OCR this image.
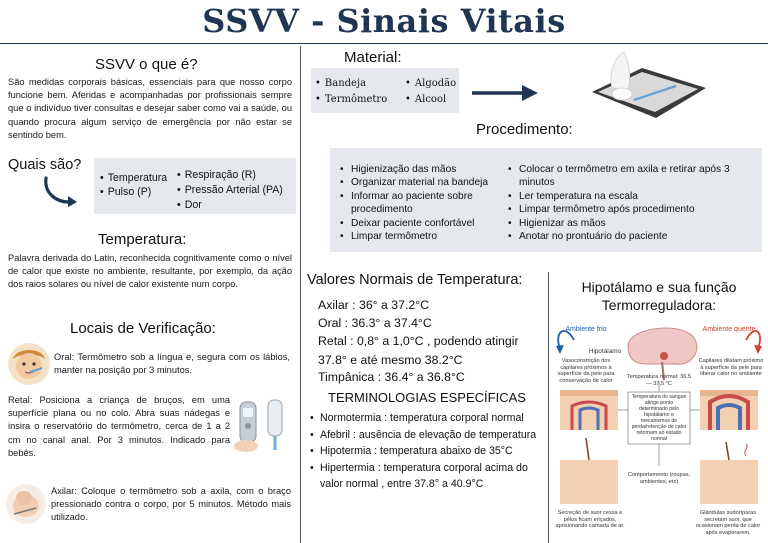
SSVV - Sinais Vitais
SSVV o que é?
São medidas corporais básicas, essenciais para que nosso corpo funcione bem. Aferidas e acompanhadas por profissionais sempre que o indivíduo tiver consultas e desejar saber como vai a saúde, ou quando procura algum serviço de emergência por não estar se sentindo bem.
Quais são?
• Temperatura
• Pulso (P)
• Respiração (R)
• Pressão Arterial (PA)
• Dor
Temperatura:
Palavra derivada do Latin, reconhecida cognitivamente como o nível de calor que existe no ambiente, resultante, por exemplo, da ação dos raios solares ou nível de calor existente num corpo.
Locais de Verificação:
Oral: Termômetro sob a língua e, segura com os lábios, manter na posição por 3 minutos.
Retal: Posiciona a criança de bruços, em uma superfície plana ou no colo. Abra suas nádegas e insira o reservatório do termômetro, cerca de 1 a 2 cm no canal anal. Por 3 minutos. Indicado para bebês.
Axilar: Coloque o termômetro sob a axila, com o braço pressionado contra o corpo, por 5 minutos. Método mais utilizado.
Material:
• Bandeja
• Termômetro
• Algodão
• Alcool
Procedimento:
• Higienização das mãos
• Organizar material na bandeja
• Informar ao paciente sobre procedimento
• Deixar paciente confortável
• Limpar termômetro
• Colocar o termômetro em axila e retirar após 3 minutos
• Ler temperatura na escala
• Limpar termômetro após procedimento
• Higienizar as mãos
• Anotar no prontuário do paciente
Valores Normais de Temperatura:
Axilar : 36° a 37.2°C
Oral : 36.3° a 37.4°C
Retal : 0,8° a 1,0°C , podendo atingir 37.8° e até mesmo 38.2°C
Timpânica : 36.4° a 36.8°C
TERMINOLOGIAS ESPECÍFICAS
• Normotermia : temperatura corporal normal
• Afebril : ausência de elevação de temperatura
• Hipotermia : temperatura abaixo de 35°C
• Hipertermia : temperatura corporal acima do valor normal , entre 37.8° a 40.9°C
Hipotálamo e sua função Termorreguladora:
Ambiente frio	Ambiente quente
Hipotálamo
Temperatura normal: 36,5 — 37,5 °C
Vasoconstrição dos capilares próximos à superfície da pele para conservação de calor
Capilares dilatam próximo à superfície da pele para liberar calor no ambiente
Temperatura do sangue atinge ponto determinado pelo hipotálamo e mecanismos de perda/retenção de calor retornam ao estado normal
Comportamento (roupas, ambientes, etc)
Secreção de suor cessa e pêlos ficam eriçados, aprisionando camada de ar.
Glândulas sudoríparas secretam suor, que ocasionam perda de calor após evaporarem.
